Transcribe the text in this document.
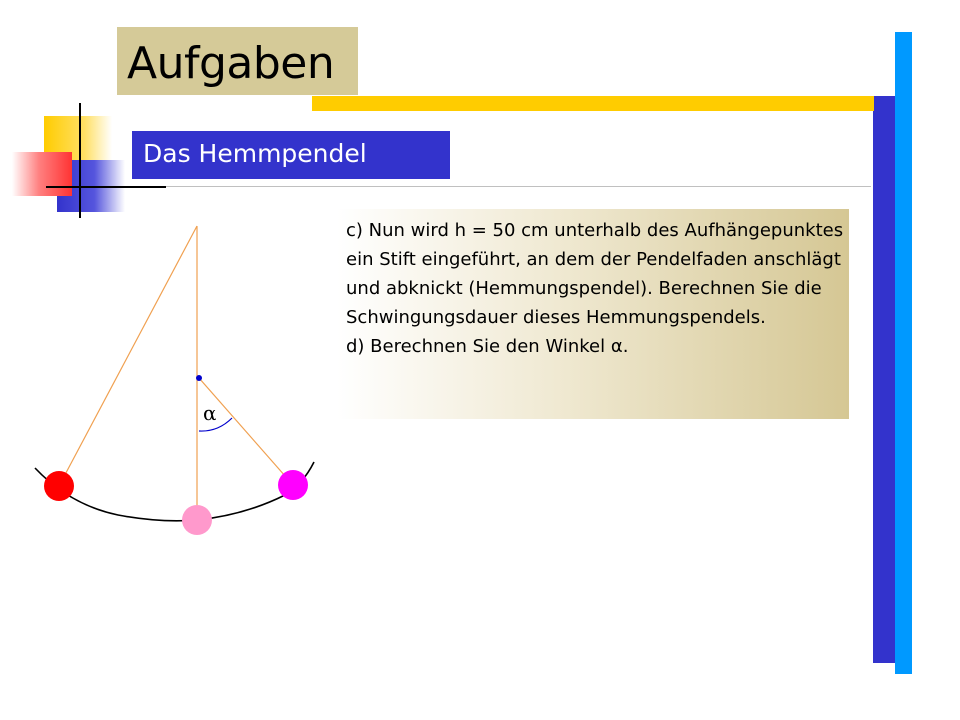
Aufgaben
Das Hemmpendel

c) Nun wird h = 50 cm unterhalb des Aufhängepunktes ein Stift eingeführt, an dem der Pendelfaden anschlägt und abknickt (Hemmungspendel). Berechnen Sie die Schwingungsdauer dieses Hemmungspendels.

d) Berechnen Sie den Winkel α.

α
